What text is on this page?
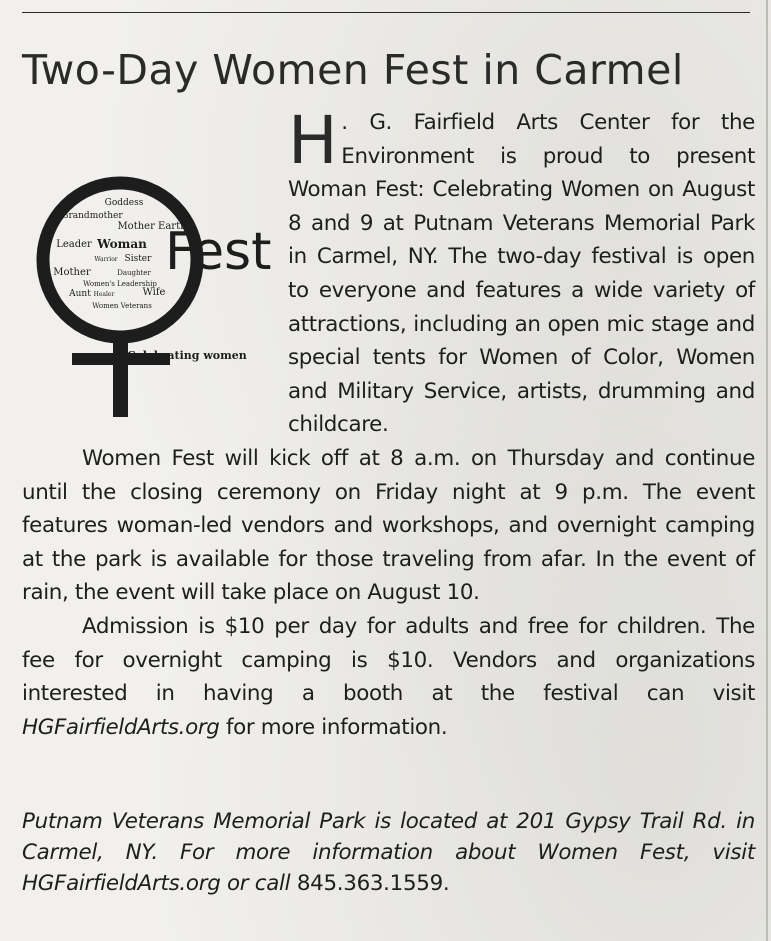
Two-Day Women Fest in Carmel
Goddess
Grandmother
Mother Earth
Leader Woman
Sister
Mother	Daughter
Aunt	Wife
Women's Leadership
Warrior
Healer
Women Veterans
Fest
Celebrating women

H . G. Fairfield Arts Center for the Environment is proud to present Woman Fest: Celebrating Women on August 8 and 9 at Putnam Veterans Memorial Park in Carmel, NY. The two-day festival is open to everyone and features a wide variety of attractions, including an open mic stage and special tents for Women of Color, Women and Military Service, artists, drumming and childcare.

Women Fest will kick off at 8 a.m. on Thursday and continue until the closing ceremony on Friday night at 9 p.m. The event features woman-led vendors and workshops, and overnight camping at the park is available for those traveling from afar. In the event of rain, the event will take place on August 10.

Admission is $10 per day for adults and free for children. The fee for overnight camping is $10. Vendors and organizations interested in having a booth at the festival can visit HGFairfieldArts.org for more information.

Putnam Veterans Memorial Park is located at 201 Gypsy Trail Rd. in Carmel, NY. For more information about Women Fest, visit HGFairfieldArts.org or call 845.363.1559.
